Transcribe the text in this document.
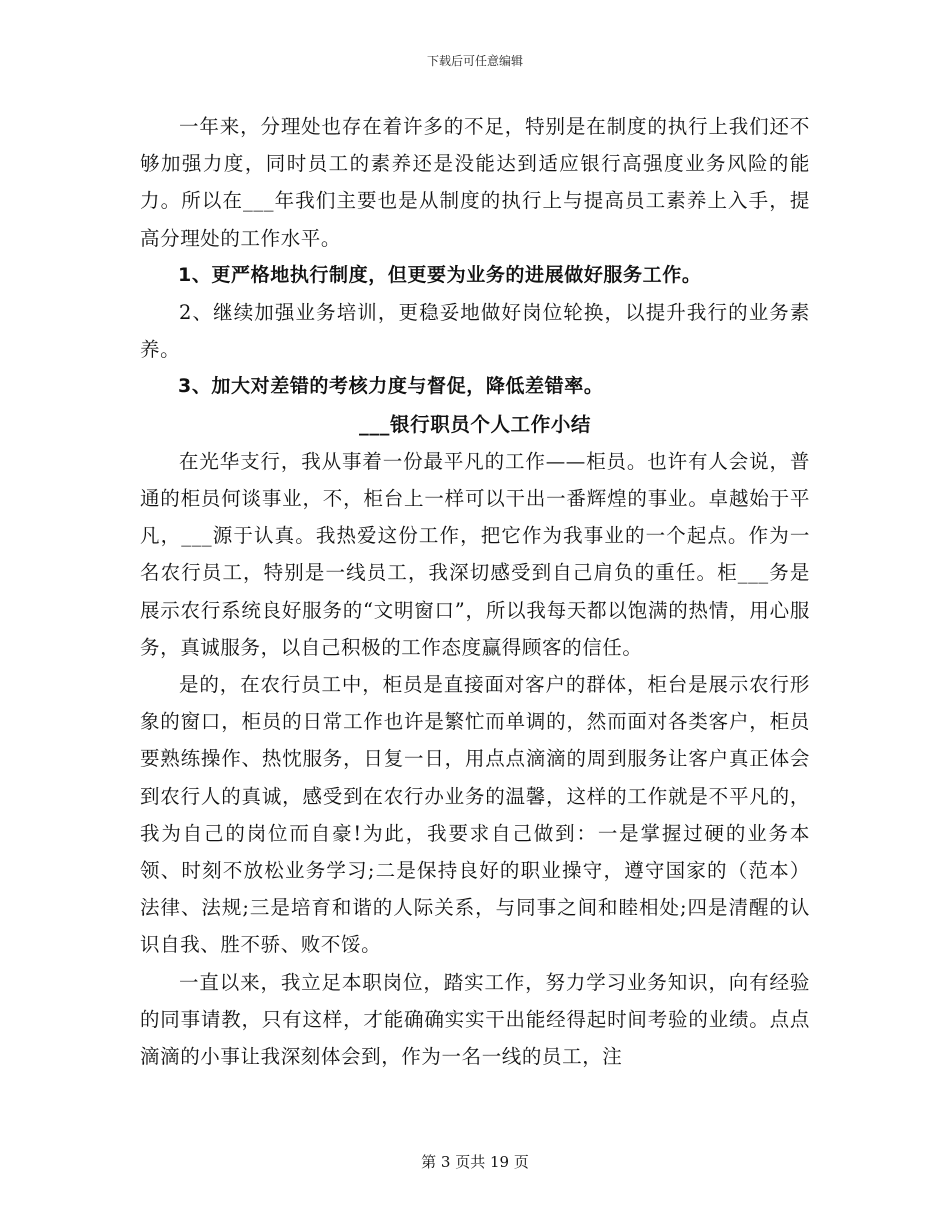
下载后可任意编辑

一年来，分理处也存在着许多的不足，特别是在制度的执行上我们还不够加强力度，同时员工的素养还是没能达到适应银行高强度业务风险的能力。所以在___年我们主要也是从制度的执行上与提高员工素养上入手，提高分理处的工作水平。

1、更严格地执行制度，但更要为业务的进展做好服务工作。

2、继续加强业务培训，更稳妥地做好岗位轮换，以提升我行的业务素养。

3、加大对差错的考核力度与督促，降低差错率。

___银行职员个人工作小结

在光华支行，我从事着一份最平凡的工作——柜员。也许有人会说，普通的柜员何谈事业，不，柜台上一样可以干出一番辉煌的事业。卓越始于平凡，___源于认真。我热爱这份工作，把它作为我事业的一个起点。作为一名农行员工，特别是一线员工，我深切感受到自己肩负的重任。柜___务是展示农行系统良好服务的“文明窗口”，所以我每天都以饱满的热情，用心服务，真诚服务，以自己积极的工作态度赢得顾客的信任。

是的，在农行员工中，柜员是直接面对客户的群体，柜台是展示农行形象的窗口，柜员的日常工作也许是繁忙而单调的，然而面对各类客户，柜员要熟练操作、热忱服务，日复一日，用点点滴滴的周到服务让客户真正体会到农行人的真诚，感受到在农行办业务的温馨，这样的工作就是不平凡的，我为自己的岗位而自豪!为此，我要求自己做到：一是掌握过硬的业务本领、时刻不放松业务学习;二是保持良好的职业操守，遵守国家的（范本）法律、法规;三是培育和谐的人际关系，与同事之间和睦相处;四是清醒的认识自我、胜不骄、败不馁。

一直以来，我立足本职岗位，踏实工作，努力学习业务知识，向有经验的同事请教，只有这样，才能确确实实干出能经得起时间考验的业绩。点点滴滴的小事让我深刻体会到，作为一名一线的员工，注

第 3 页共 19 页
